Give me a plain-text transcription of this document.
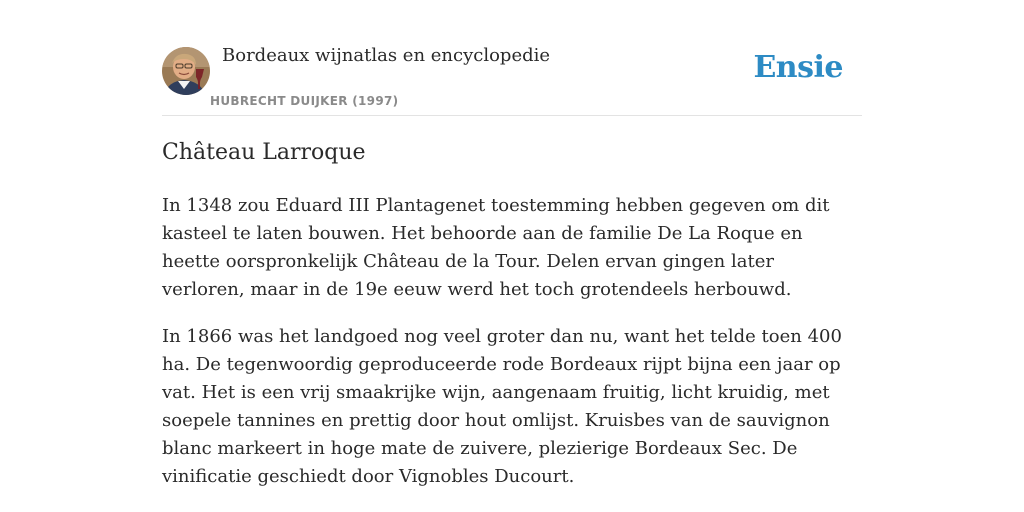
Bordeaux wijnatlas en encyclopedie
HUBRECHT DUIJKER (1997)
Ensie
Château Larroque

In 1348 zou Eduard III Plantagenet toestemming hebben gegeven om dit kasteel te laten bouwen. Het behoorde aan de familie De La Roque en heette oorspronkelijk Château de la Tour. Delen ervan gingen later verloren, maar in de 19e eeuw werd het toch grotendeels herbouwd.

In 1866 was het landgoed nog veel groter dan nu, want het telde toen 400 ha. De tegenwoordig geproduceerde rode Bordeaux rijpt bijna een jaar op vat. Het is een vrij smaakrijke wijn, aangenaam fruitig, licht kruidig, met soepele tannines en prettig door hout omlijst. Kruisbes van de sauvignon blanc markeert in hoge mate de zuivere, plezierige Bordeaux Sec. De vinificatie geschiedt door Vignobles Ducourt.
